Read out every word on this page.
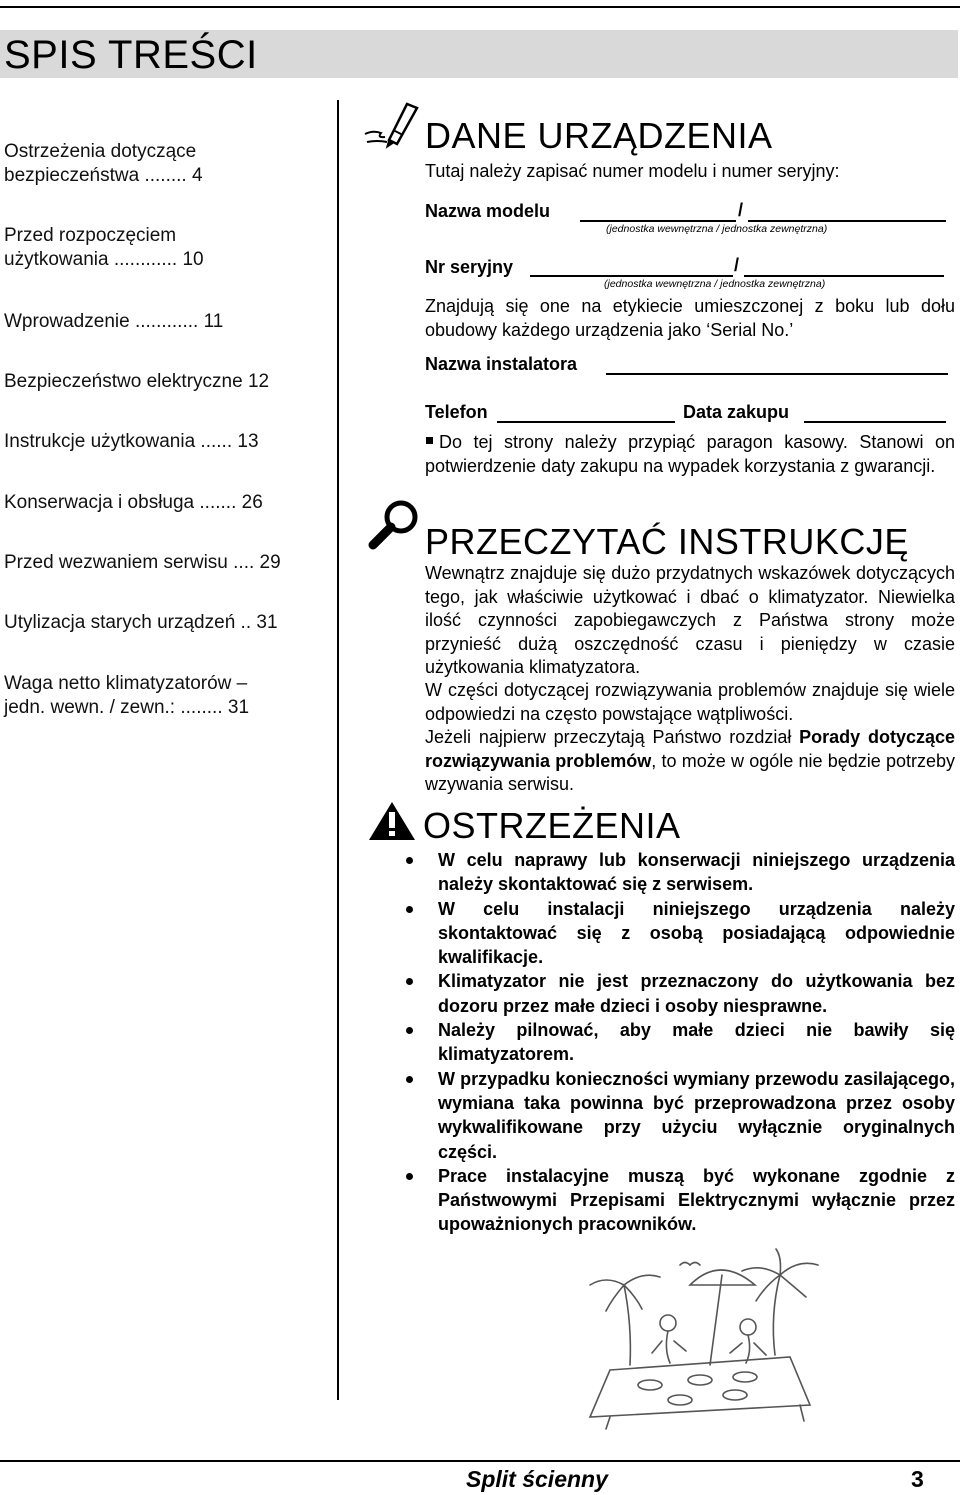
SPIS TREŚCI
Ostrzeżenia dotyczące
bezpieczeństwa ........ 4
Przed rozpoczęciem
użytkowania ............ 10
Wprowadzenie ............ 11
Bezpieczeństwo elektryczne 12
Instrukcje użytkowania ...... 13
Konserwacja i obsługa ....... 26
Przed wezwaniem serwisu .... 29
Utylizacja starych urządzeń .. 31
Waga netto klimatyzatorów –
jedn. wewn. / zewn.: ........ 31
DANE URZĄDZENIA
Tutaj należy zapisać numer modelu i numer seryjny:
Nazwa modelu	/
(jednostka wewnętrzna / jednostka zewnętrzna)
Nr seryjny	/
(jednostka wewnętrzna / jednostka zewnętrzna)
Znajdują się one na etykiecie umieszczonej z boku lub dołu obudowy każdego urządzenia jako ‘Serial No.’
Nazwa instalatora
Telefon	Data zakupu
Do tej strony należy przypiąć paragon kasowy. Stanowi on potwierdzenie daty zakupu na wypadek korzystania z gwarancji.
PRZECZYTAĆ INSTRUKCJĘ
Wewnątrz znajduje się dużo przydatnych wskazówek dotyczących tego, jak właściwie użytkować i dbać o klimatyzator. Niewielka ilość czynności zapobiegawczych z Państwa strony może przynieść dużą oszczędność czasu i pieniędzy w czasie użytkowania klimatyzatora.
W części dotyczącej rozwiązywania problemów znajduje się wiele odpowiedzi na często powstające wątpliwości.
Jeżeli najpierw przeczytają Państwo rozdział Porady dotyczące rozwiązywania problemów, to może w ogóle nie będzie potrzeby wzywania serwisu.
OSTRZEŻENIA
W celu naprawy lub konserwacji niniejszego urządzenia należy skontaktować się z serwisem.
W celu instalacji niniejszego urządzenia należy skontaktować się z osobą posiadającą odpowiednie kwalifikacje.
Klimatyzator nie jest przeznaczony do użytkowania bez dozoru przez małe dzieci i osoby niesprawne.
Należy pilnować, aby małe dzieci nie bawiły się klimatyzatorem.
W przypadku konieczności wymiany przewodu zasilającego, wymiana taka powinna być przeprowadzona przez osoby wykwalifikowane przy użyciu wyłącznie oryginalnych części.
Prace instalacyjne muszą być wykonane zgodnie z Państwowymi Przepisami Elektrycznymi wyłącznie przez upoważnionych pracowników.
Split ścienny	3
